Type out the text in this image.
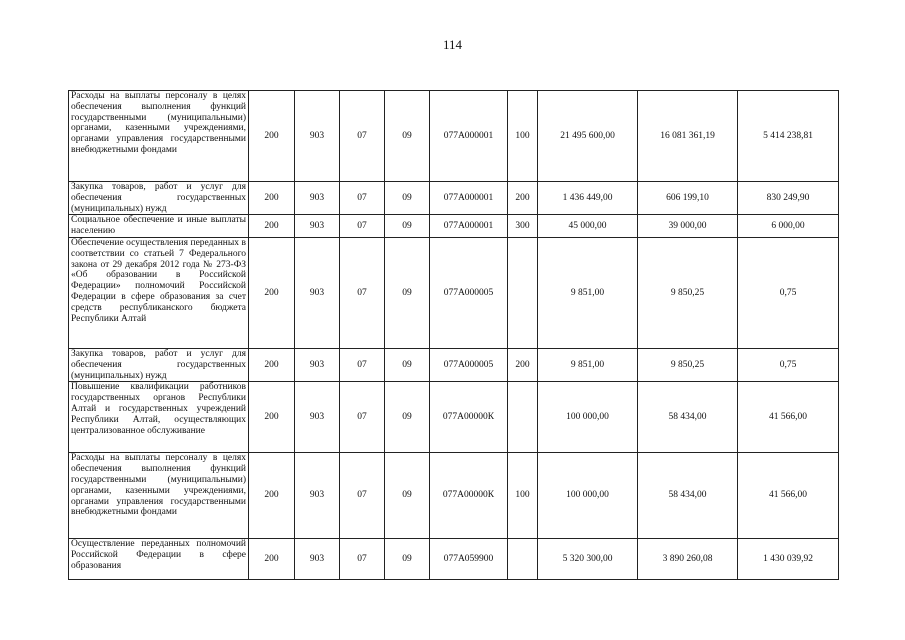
114
Расходы на выплаты персоналу в целях обеспечения выполнения функций государственными (муниципальными) органами, казенными учреждениями, органами управления государственными внебюджетными фондами	200	903	07	09	077А000001	100	21 495 600,00	16 081 361,19	5 414 238,81
Закупка товаров, работ и услуг для обеспечения государственных (муниципальных) нужд	200	903	07	09	077А000001	200	1 436 449,00	606 199,10	830 249,90
Социальное обеспечение и иные выплаты населению	200	903	07	09	077А000001	300	45 000,00	39 000,00	6 000,00
Обеспечение осуществления переданных в соответствии со статьей 7 Федерального закона от 29 декабря 2012 года № 273-ФЗ «Об образовании в Российской Федерации» полномочий Российской Федерации в сфере образования за счет средств республиканского бюджета Республики Алтай	200	903	07	09	077А000005		9 851,00	9 850,25	0,75
Закупка товаров, работ и услуг для обеспечения государственных (муниципальных) нужд	200	903	07	09	077А000005	200	9 851,00	9 850,25	0,75
Повышение квалификации работников государственных органов Республики Алтай и государственных учреждений Республики Алтай, осуществляющих централизованное обслуживание	200	903	07	09	077А00000К		100 000,00	58 434,00	41 566,00
Расходы на выплаты персоналу в целях обеспечения выполнения функций государственными (муниципальными) органами, казенными учреждениями, органами управления государственными внебюджетными фондами	200	903	07	09	077А00000К	100	100 000,00	58 434,00	41 566,00
Осуществление переданных полномочий Российской Федерации в сфере образования	200	903	07	09	077А059900		5 320 300,00	3 890 260,08	1 430 039,92
